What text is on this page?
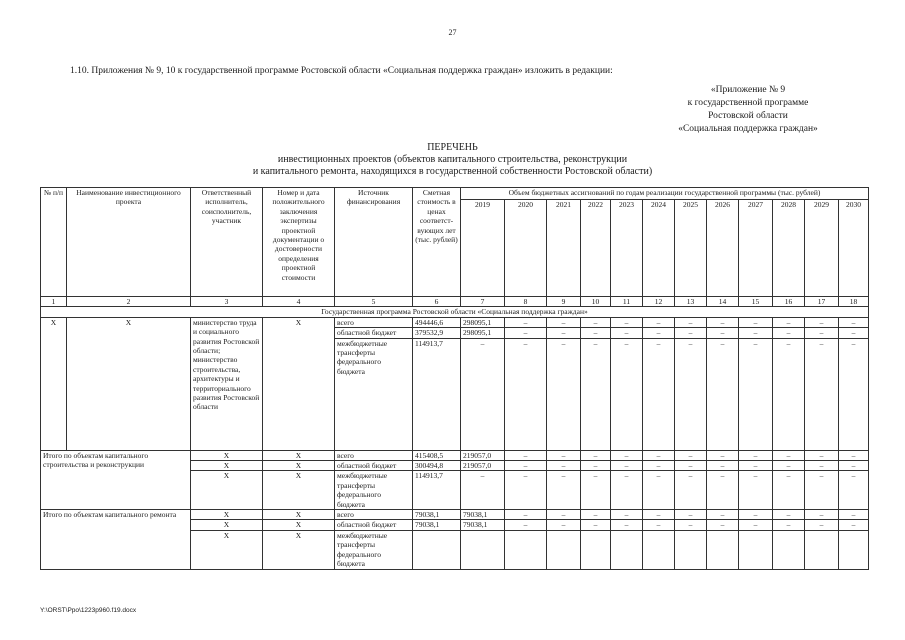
27
1.10. Приложения № 9, 10 к государственной программе Ростовской области «Социальная поддержка граждан» изложить в редакции:
«Приложение № 9
к государственной программе
Ростовской области
«Социальная поддержка граждан»
ПЕРЕЧЕНЬ
инвестиционных проектов (объектов капитального строительства, реконструкции
и капитального ремонта, находящихся в государственной собственности Ростовской области)
№ п/п	Наименование инвестиционного проекта	Ответственный исполнитель, соисполнитель, участник	Номер и дата положительного заключения экспертизы проектной документации о достоверности определения проектной стоимости	Источник финансирования	Сметная стоимость в ценах соответст-вующих лет (тыс. рублей)	Объем бюджетных ассигнований по годам реализации государственной программы (тыс. рублей)											
						2019	2020	2021	2022	2023	2024	2025	2026	2027	2028	2029	2030
1	2	3	4	5	6	7	8	9	10	11	12	13	14	15	16	17	18
Государственная программа Ростовской области «Социальная поддержка граждан»																	
Х	Х	министерство труда и социального развития Ростовской области; министерство строительства, архитектуры и территориального развития Ростовской области	Х	всего	494446,6	298095,1	–	–	–	–	–	–	–	–	–	–	–
				областной бюджет	379532,9	298095,1	–	–	–	–	–	–	–	–	–	–	–
				межбюджетные трансферты федерального бюджета	114913,7	–	–	–	–	–	–	–	–	–	–	–	–
Итого по объектам капитального строительства и реконструкции		Х	Х	всего	415408,5	219057,0	–	–	–	–	–	–	–	–	–	–	–
		Х	Х	областной бюджет	300494,8	219057,0	–	–	–	–	–	–	–	–	–	–	–
		Х	Х	межбюджетные трансферты федерального бюджета	114913,7	–	–	–	–	–	–	–	–	–	–	–	–
Итого по объектам капитального ремонта		Х	Х	всего	79038,1	79038,1	–	–	–	–	–	–	–	–	–	–	–
		Х	Х	областной бюджет	79038,1	79038,1	–	–	–	–	–	–	–	–	–	–	–
		Х	Х	межбюджетные трансферты федерального бюджета													
Y:\ORST\Ppo\1223p960.f19.docx
